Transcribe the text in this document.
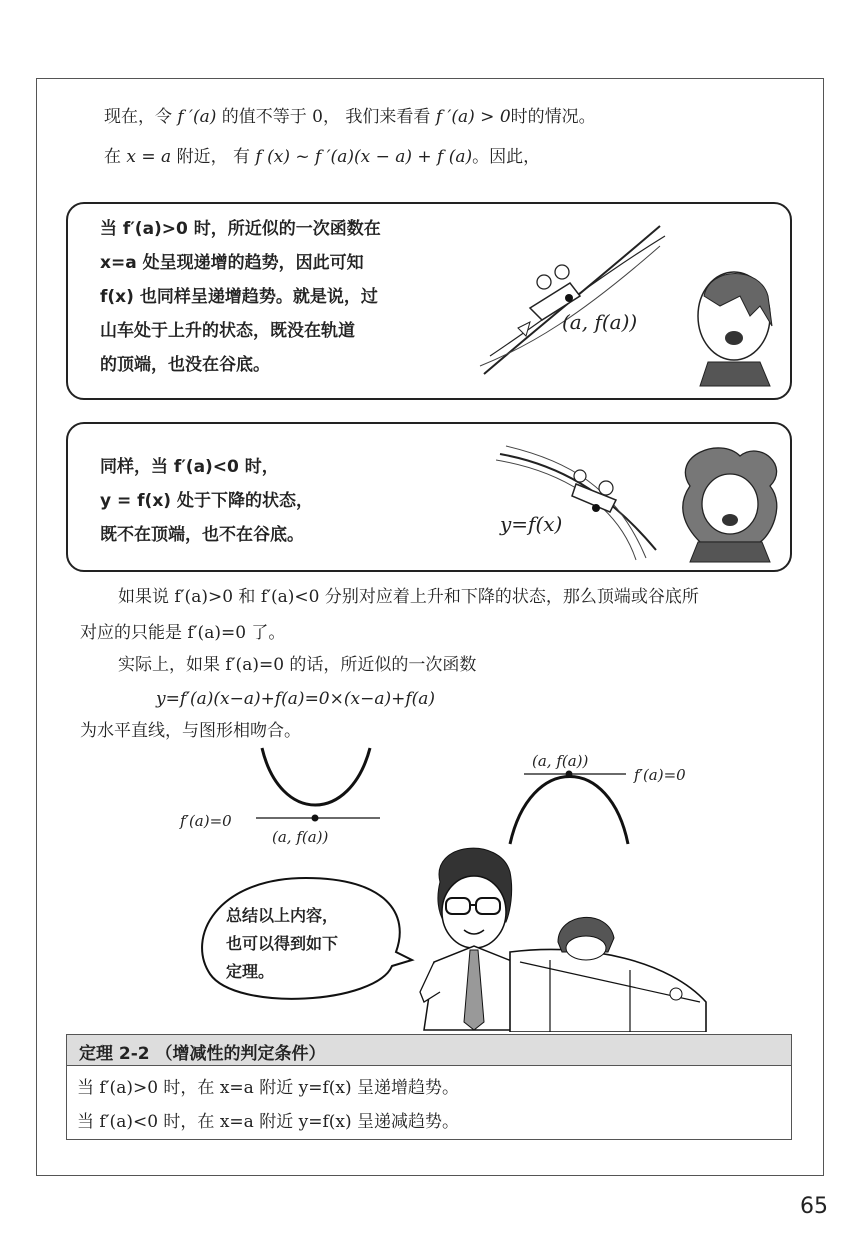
现在，令 f ′(a) 的值不等于 0， 我们来看看 f ′(a) > 0时的情况。
在 x = a 附近， 有 f (x) ~ f ′(a)(x − a) + f (a)。因此，
当 f′(a)>0 时，所近似的一次函数在
x=a 处呈现递增的趋势，因此可知
f(x) 也同样呈递增趋势。就是说，过
山车处于上升的状态，既没在轨道
的顶端，也没在谷底。
(a, f(a))
同样，当 f′(a)<0 时，
y = f(x) 处于下降的状态，
既不在顶端，也不在谷底。	y=f(x)
如果说 f′(a)>0 和 f′(a)<0 分别对应着上升和下降的状态，那么顶端或谷底所
对应的只能是 f′(a)=0 了。
实际上，如果 f′(a)=0 的话，所近似的一次函数
y=f′(a)(x−a)+f(a)=0×(x−a)+f(a)
为水平直线，与图形相吻合。
f′(a)=0
(a, f(a))
(a, f(a))
f′(a)=0
总结以上内容，
也可以得到如下
定理。
定理 2-2 （增减性的判定条件）
当 f′(a)>0 时，在 x=a 附近 y=f(x) 呈递增趋势。
当 f′(a)<0 时，在 x=a 附近 y=f(x) 呈递减趋势。
65
